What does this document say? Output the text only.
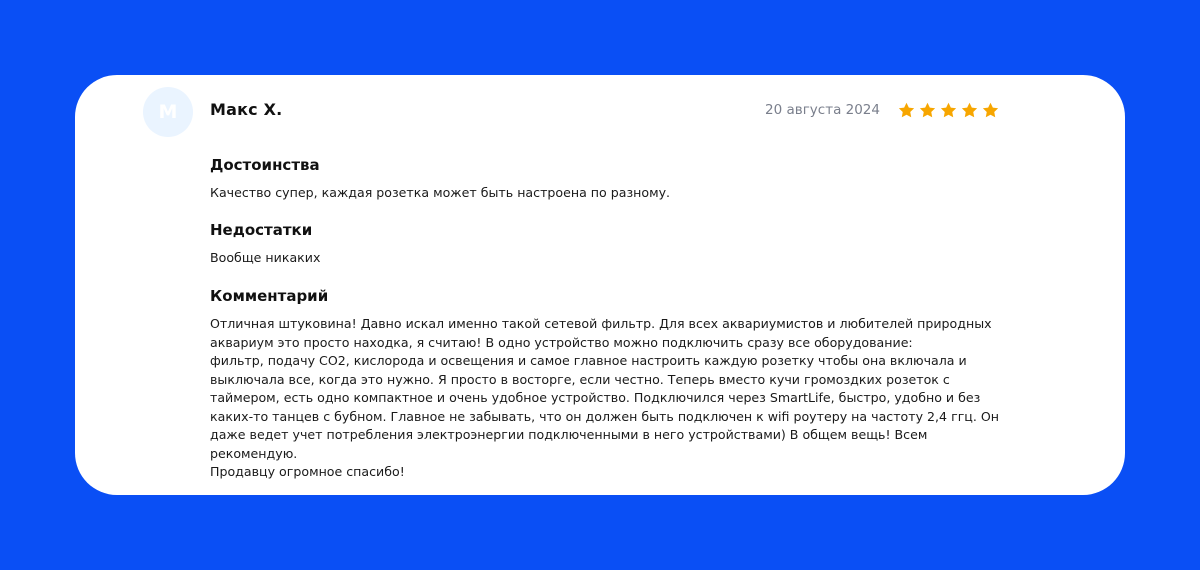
M Макс Х.	20 августа 2024
Достоинства

Качество супер, каждая розетка может быть настроена по разному.

Недостатки

Вообще никаких

Комментарий

Отличная штуковина! Давно искал именно такой сетевой фильтр. Для всех аквариумистов и любителей природных
аквариум это просто находка, я считаю! В одно устройство можно подключить сразу все оборудование:
фильтр, подачу СО2, кислорода и освещения и самое главное настроить каждую розетку чтобы она включала и
выключала все, когда это нужно. Я просто в восторге, если честно. Теперь вместо кучи громоздких розеток с
таймером, есть одно компактное и очень удобное устройство. Подключился через SmartLife, быстро, удобно и без
каких-то танцев с бубном. Главное не забывать, что он должен быть подключен к wifi роутеру на частоту 2,4 ггц. Он
даже ведет учет потребления электроэнергии подключенными в него устройствами) В общем вещь! Всем рекомендую.
Продавцу огромное спасибо!
